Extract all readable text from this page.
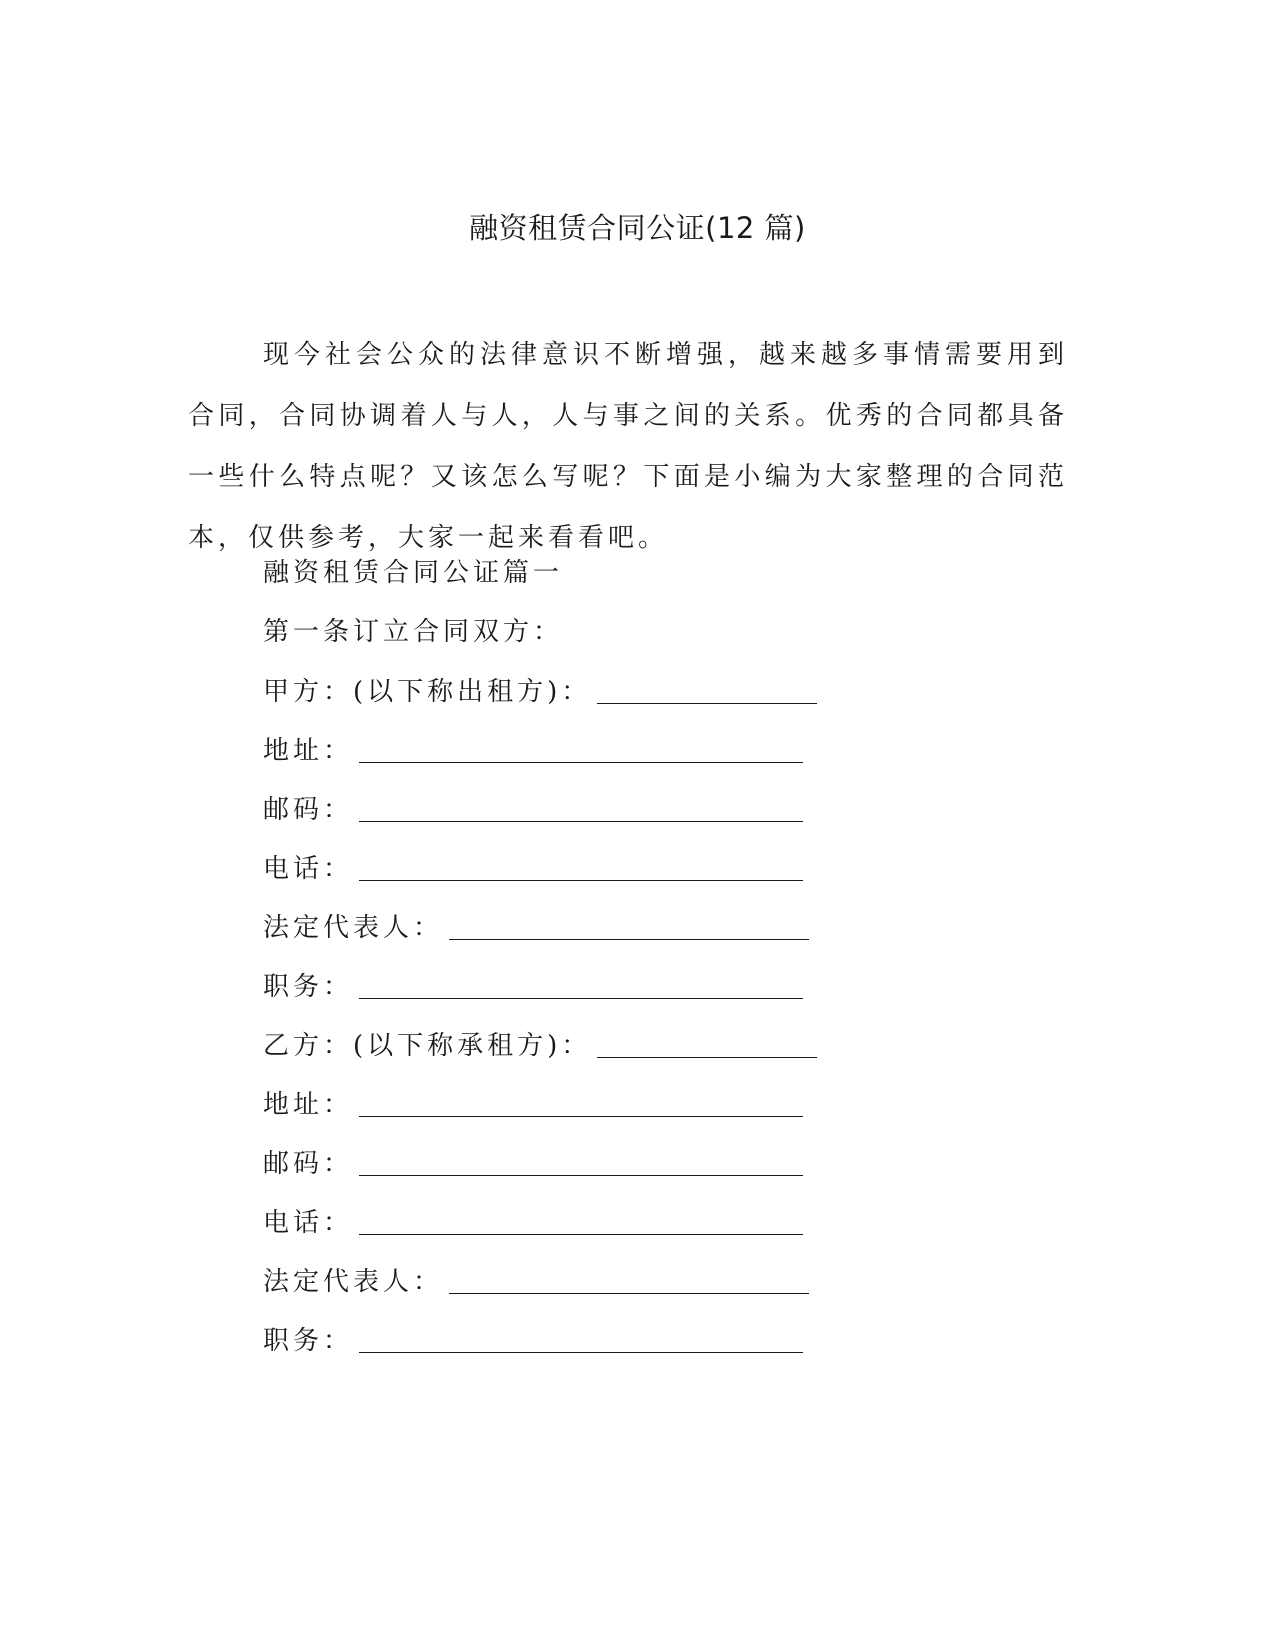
融资租赁合同公证(12 篇)

现今社会公众的法律意识不断增强，越来越多事情需要用到合同，合同协调着人与人，人与事之间的关系。优秀的合同都具备一些什么特点呢？又该怎么写呢？下面是小编为大家整理的合同范本，仅供参考，大家一起来看看吧。

融资租赁合同公证篇一
第一条订立合同双方：
甲方：(以下称出租方)：
地址：
邮码：
电话：
法定代表人：
职务：
乙方：(以下称承租方)：
地址：
邮码：
电话：
法定代表人：
职务：
